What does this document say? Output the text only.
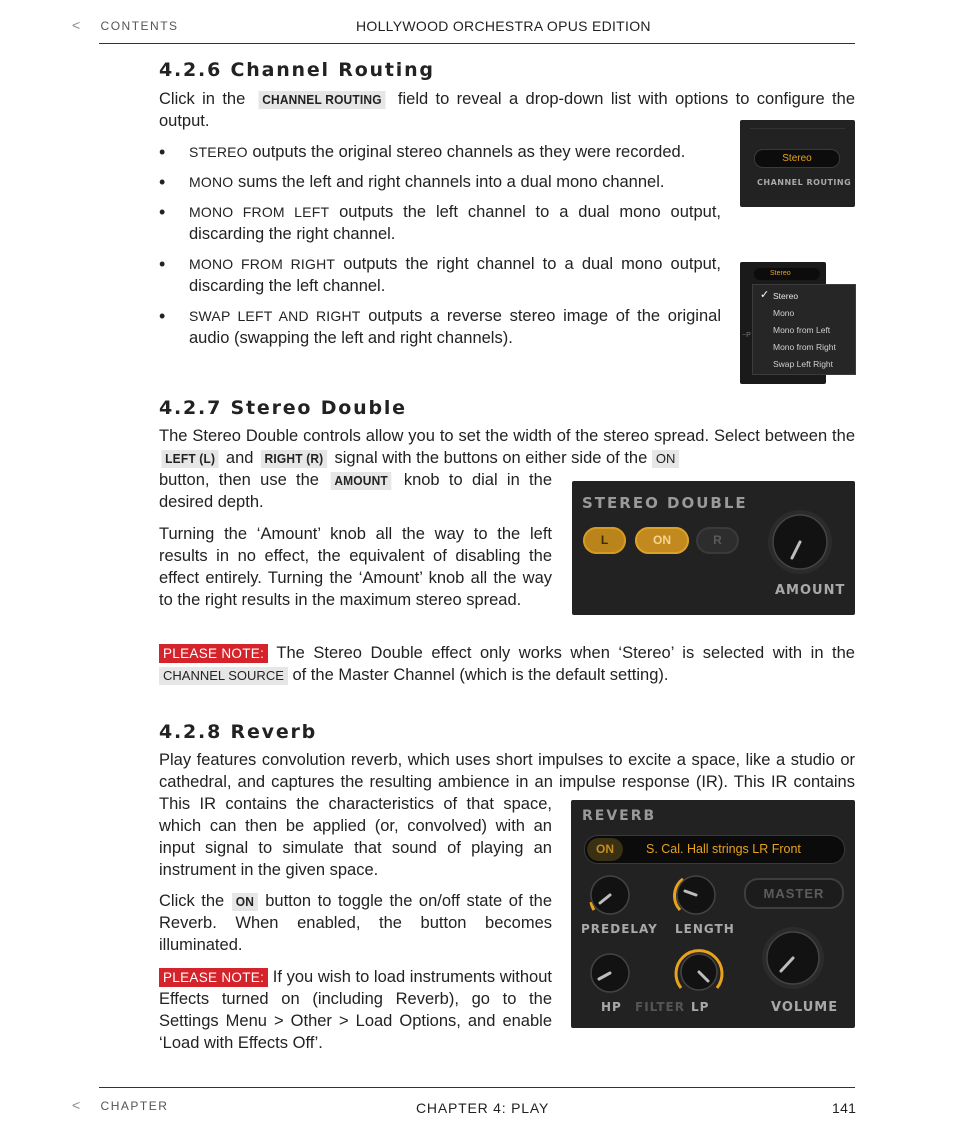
< CONTENTS	HOLLYWOOD ORCHESTRA OPUS EDITION
4.2.6 Channel Routing
Click in the CHANNEL ROUTING field to reveal a drop-down list with options to configure the output.
• STEREO outputs the original stereo channels as they were recorded.
• MONO sums the left and right channels into a dual mono channel.
• MONO FROM LEFT outputs the left channel to a dual mono output, discarding the right channel.
• MONO FROM RIGHT outputs the right channel to a dual mono output, discarding the left channel.
• SWAP LEFT AND RIGHT outputs a reverse stereo image of the original audio (swapping the left and right channels).
Stereo
CHANNEL ROUTING
Stereo
~P
✓ Stereo
Mono
Mono from Left
Mono from Right
Swap Left Right
4.2.7 Stereo Double
The Stereo Double controls allow you to set the width of the stereo spread. Select between the LEFT (L) and RIGHT (R) signal with the buttons on either side of the ON
button, then use the AMOUNT knob to dial in the desired depth.
Turning the ‘Amount’ knob all the way to the left results in no effect, the equivalent of disabling the effect entirely. Turning the ‘Amount’ knob all the way to the right results in the maximum stereo spread.
PLEASE NOTE: The Stereo Double effect only works when ‘Stereo’ is selected with in the CHANNEL SOURCE of the Master Channel (which is the default setting).
STEREO DOUBLE
L	ON	R
AMOUNT
4.2.8 Reverb
Play features convolution reverb, which uses short impulses to excite a space, like a studio or cathedral, and captures the resulting ambience in an impulse response (IR). This IR contains
This IR contains the characteristics of that space, which can then be applied (or, convolved) with an input signal to simulate that sound of playing an instrument in the given space.
Click the ON button to toggle the on/off state of the Reverb. When enabled, the button becomes illuminated.
PLEASE NOTE: If you wish to load instruments without Effects turned on (including Reverb), go to the Settings Menu > Other > Load Options, and enable ‘Load with Effects Off’.
REVERB
ON	S. Cal. Hall strings LR Front
PREDELAY LENGTH
MASTER
HP FILTER LP	VOLUME
< CHAPTER	CHAPTER 4: PLAY	141
